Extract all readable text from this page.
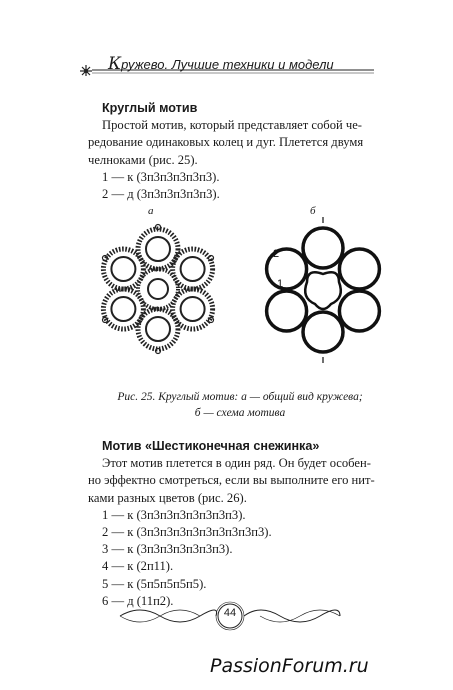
Кружево. Лучшие техники и модели
Круглый мотив
Простой мотив, который представляет собой че-
редование одинаковых колец и дуг. Плетется двумя
челноками (рис. 25).
1 — к (3п3п3п3п3п3).
2 — д (3п3п3п3п3п3).
а	б
2
1
Рис. 25. Круглый мотив: а — общий вид кружева;
б — схема мотива
Мотив «Шестиконечная снежинка»
Этот мотив плетется в один ряд. Он будет особен-
но эффектно смотреться, если вы выполните его нит-
ками разных цветов (рис. 26).
1 — к (3п3п3п3п3п3п3п3).
2 — к (3п3п3п3п3п3п3п3п3п3).
3 — к (3п3п3п3п3п3п3).
4 — к (2п11).
5 — к (5п5п5п5п5).
6 — д (11п2).
44
PassionForum.ru
